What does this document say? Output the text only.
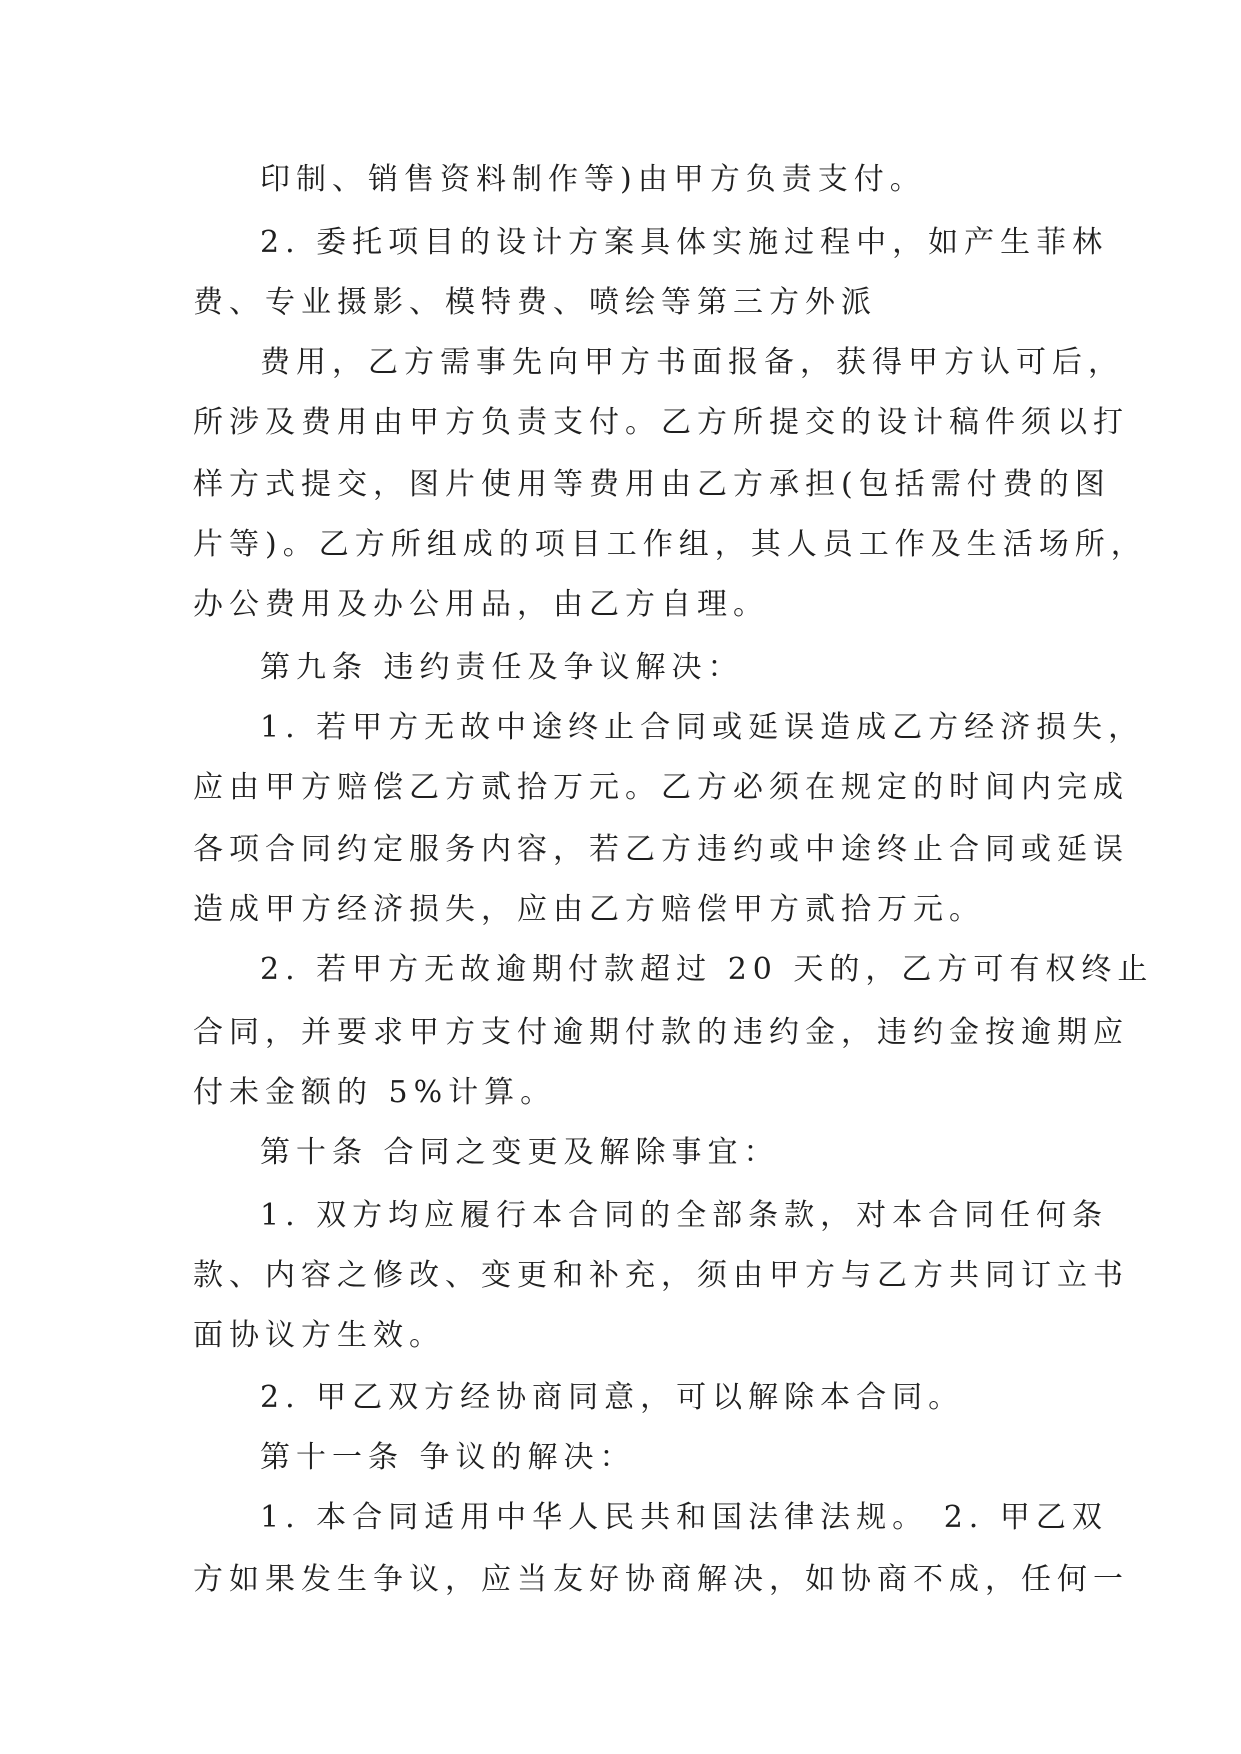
印制、销售资料制作等)由甲方负责支付。
2. 委托项目的设计方案具体实施过程中，如产生菲林
费、专业摄影、模特费、喷绘等第三方外派
费用，乙方需事先向甲方书面报备，获得甲方认可后，
所涉及费用由甲方负责支付。乙方所提交的设计稿件须以打
样方式提交，图片使用等费用由乙方承担(包括需付费的图
片等)。乙方所组成的项目工作组，其人员工作及生活场所，
办公费用及办公用品，由乙方自理。
第九条 违约责任及争议解决：
1. 若甲方无故中途终止合同或延误造成乙方经济损失，
应由甲方赔偿乙方贰拾万元。乙方必须在规定的时间内完成
各项合同约定服务内容，若乙方违约或中途终止合同或延误
造成甲方经济损失，应由乙方赔偿甲方贰拾万元。
2. 若甲方无故逾期付款超过 20 天的，乙方可有权终止
合同，并要求甲方支付逾期付款的违约金，违约金按逾期应
付未金额的 5%计算。
第十条 合同之变更及解除事宜：
1. 双方均应履行本合同的全部条款，对本合同任何条
款、内容之修改、变更和补充，须由甲方与乙方共同订立书
面协议方生效。
2. 甲乙双方经协商同意，可以解除本合同。
第十一条 争议的解决：
1. 本合同适用中华人民共和国法律法规。 2. 甲乙双
方如果发生争议，应当友好协商解决，如协商不成，任何一
